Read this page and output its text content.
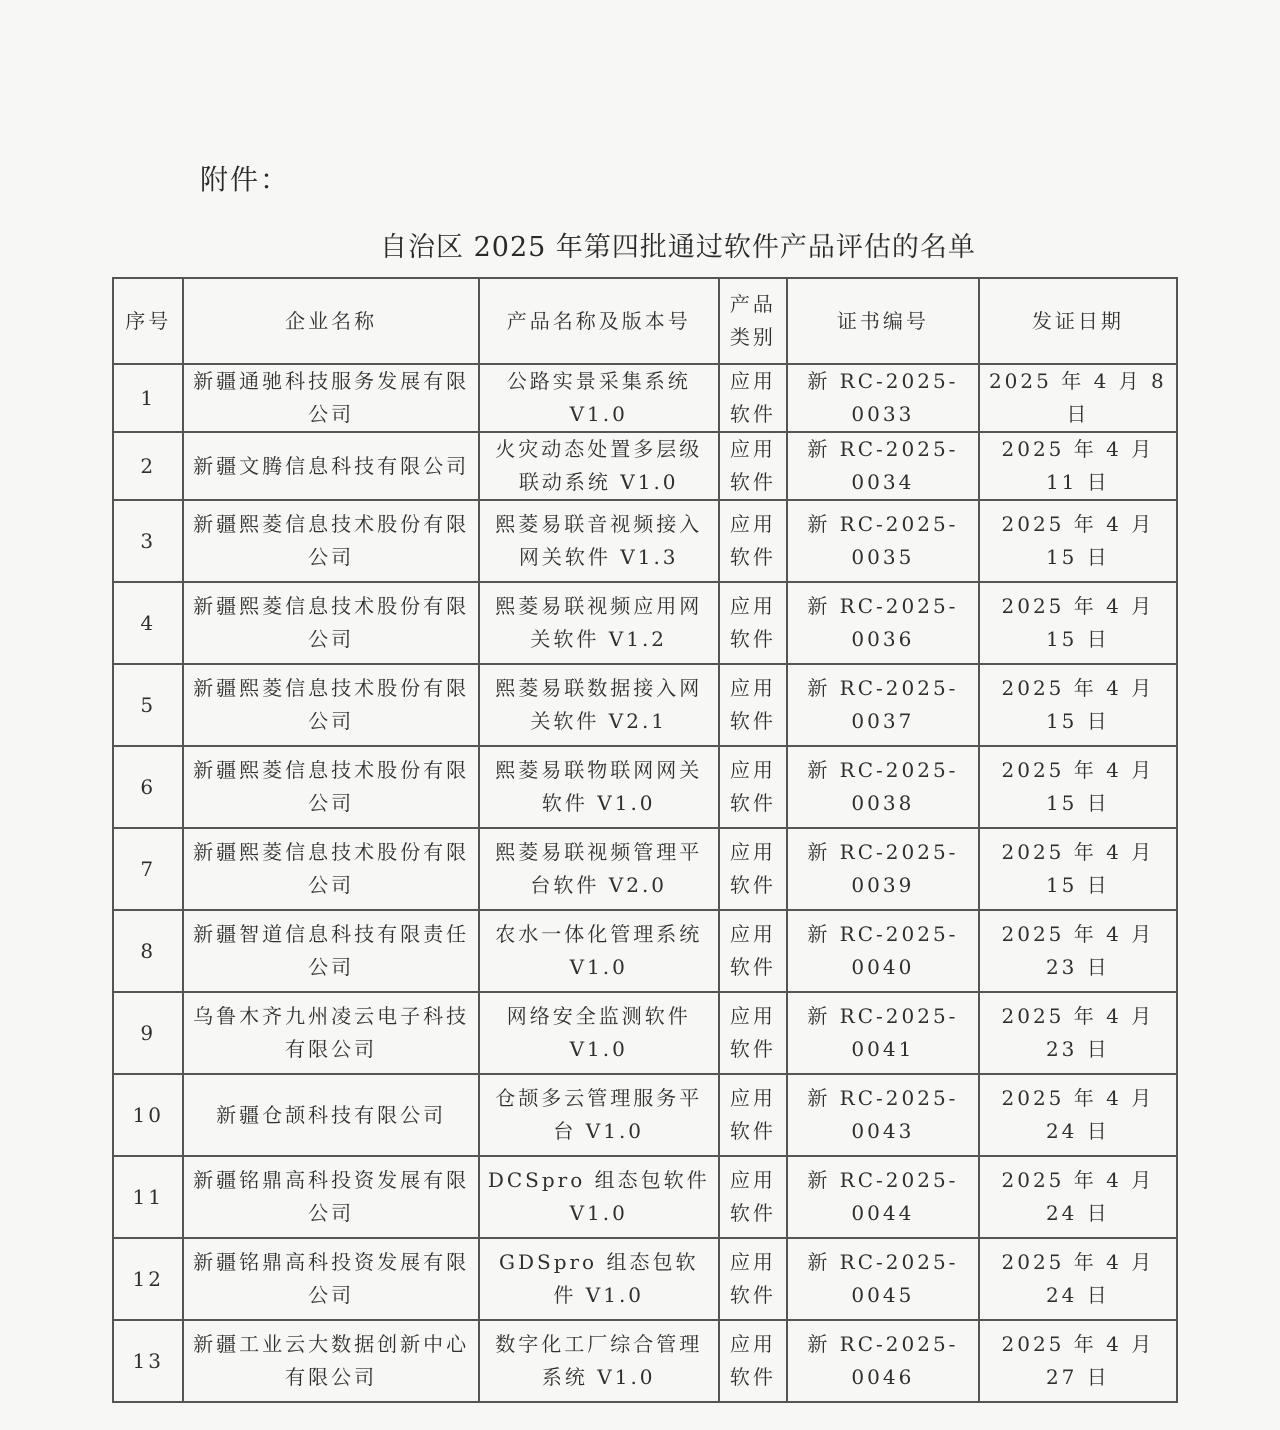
附件：
自治区 2025 年第四批通过软件产品评估的名单
序号	企业名称	产品名称及版本号	产品类别	证书编号	发证日期
1	新疆通驰科技服务发展有限公司	公路实景采集系统 V1.0	应用软件	新 RC-2025-0033	2025 年 4 月 8 日
2	新疆文腾信息科技有限公司	火灾动态处置多层级联动系统 V1.0	应用软件	新 RC-2025-0034	2025 年 4 月 11 日
3	新疆熙菱信息技术股份有限公司	熙菱易联音视频接入网关软件 V1.3	应用软件	新 RC-2025-0035	2025 年 4 月 15 日
4	新疆熙菱信息技术股份有限公司	熙菱易联视频应用网关软件 V1.2	应用软件	新 RC-2025-0036	2025 年 4 月 15 日
5	新疆熙菱信息技术股份有限公司	熙菱易联数据接入网关软件 V2.1	应用软件	新 RC-2025-0037	2025 年 4 月 15 日
6	新疆熙菱信息技术股份有限公司	熙菱易联物联网网关软件 V1.0	应用软件	新 RC-2025-0038	2025 年 4 月 15 日
7	新疆熙菱信息技术股份有限公司	熙菱易联视频管理平台软件 V2.0	应用软件	新 RC-2025-0039	2025 年 4 月 15 日
8	新疆智道信息科技有限责任公司	农水一体化管理系统 V1.0	应用软件	新 RC-2025-0040	2025 年 4 月 23 日
9	乌鲁木齐九州凌云电子科技有限公司	网络安全监测软件 V1.0	应用软件	新 RC-2025-0041	2025 年 4 月 23 日
10	新疆仓颉科技有限公司	仓颉多云管理服务平台 V1.0	应用软件	新 RC-2025-0043	2025 年 4 月 24 日
11	新疆铭鼎高科投资发展有限公司	DCSpro 组态包软件 V1.0	应用软件	新 RC-2025-0044	2025 年 4 月 24 日
12	新疆铭鼎高科投资发展有限公司	GDSpro 组态包软件 V1.0	应用软件	新 RC-2025-0045	2025 年 4 月 24 日
13	新疆工业云大数据创新中心有限公司	数字化工厂综合管理系统 V1.0	应用软件	新 RC-2025-0046	2025 年 4 月 27 日
